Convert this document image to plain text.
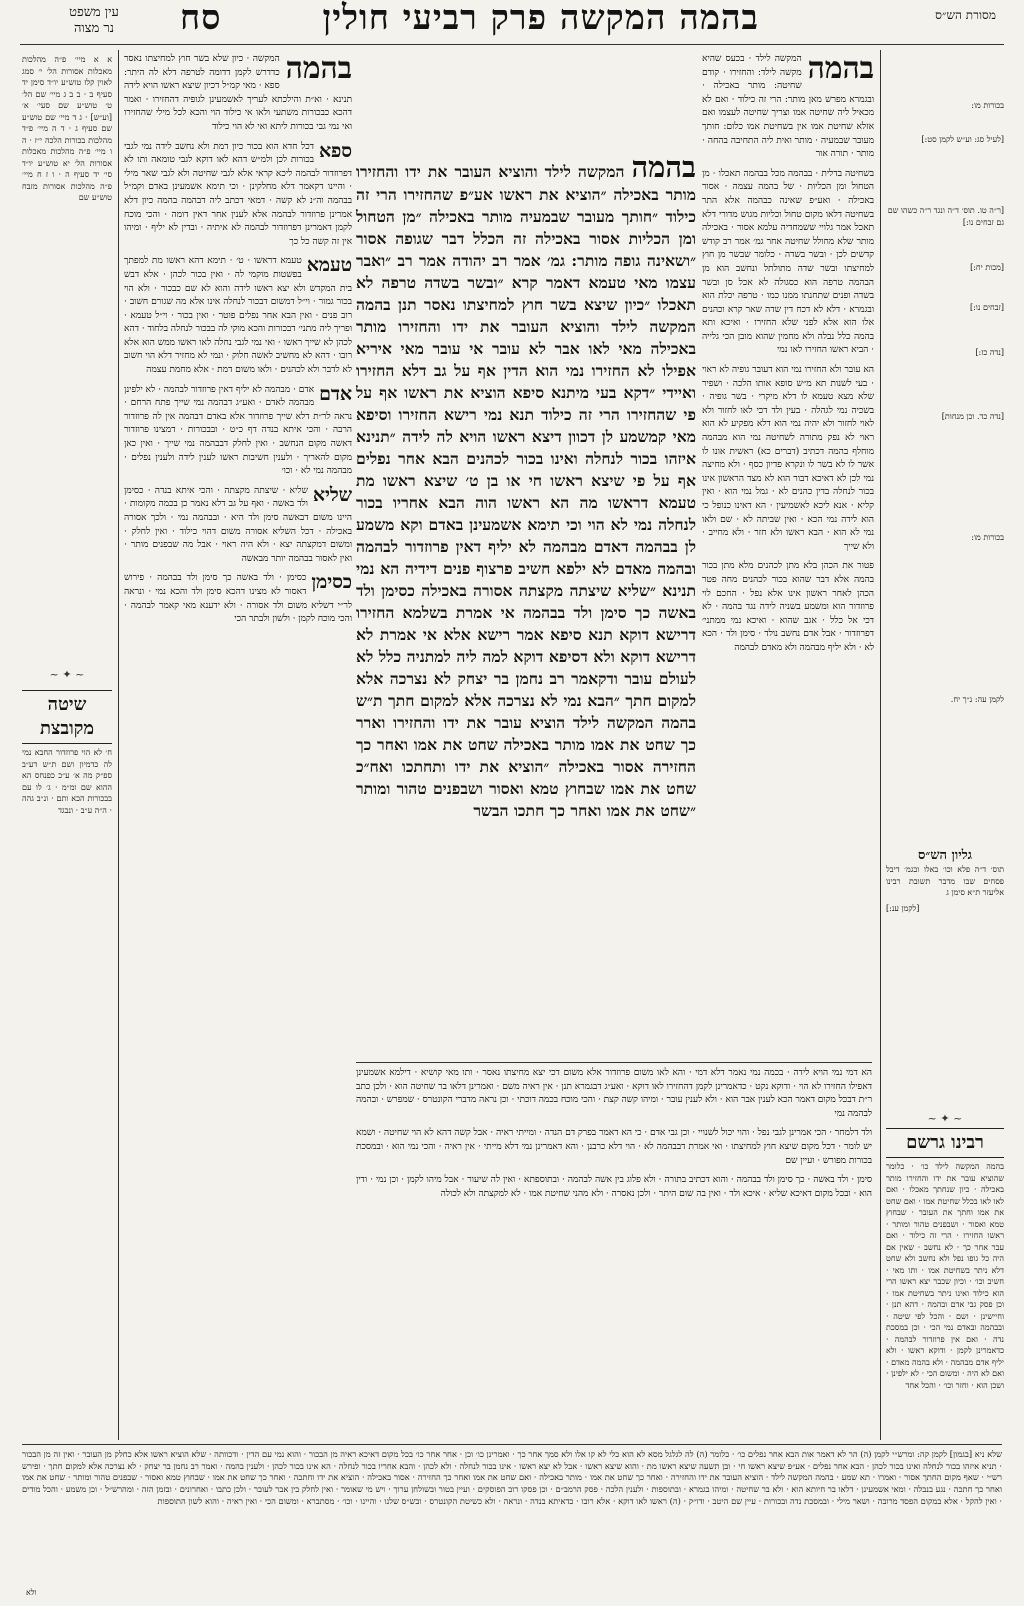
עין משפט
נר מצוה	סח	בהמה המקשה פרק רביעי חולין	מסורת הש״ס
א א מיי׳ פ״ה מהלכות מאכלות אסורות הל׳ י׳ סמג לאוין קלז טוש״ע יו״ד סימן יד סעיף ב · ב ב ג מיי׳ שם הל׳ ט׳ טוש״ע שם סעי׳ א׳ [וע״ש] · ג ד מיי׳ שם טוש״ע שם סעיף ג · ד ה מיי׳ פ״ד מהלכות בכורות הלכה י״ז · ה ו מיי׳ פ״ה מהלכות מאכלות אסורות הל׳ יא טוש״ע יו״ד סי׳ יד סעיף ה · ו ז ח מיי׳ פ״ה מהלכות אסורות מזבח טוש״ע שם
~ ✦ ~
שיטה מקובצת
ח׳ לא הוי פרוזדור החבא נמי לה כדמיון ושם ת״ש דע״ב ספ״ק מה א׳ ע״כ כפנחס הא ההוא שם ומ״מ · ג׳ לו עם בבכורות הכא ותם · ונ״ב גהה · ה״ה ע״ב · ונבגד
בהמה
המקשה · כיון שלא בשר חוץ למחיצתו נאסר כדדרש לקמן דדומה לטרפה דלא לה היתר: ספא · מאי קמ״ל דכיון שיצא ראשו הויא לידה תנינא · וא״ת והילכתא לעריך לאשמעינן לגופיה דהחזירו · ואמר דהכא כבכורות משתעי ולאו אי כילוד הוי והכא לכל מילי שהחזירו ואי נמי גבי בכורות ליתא ואי לא הוי כילוד
ספא
דכל חדא הוא בכור כיון דמת ולא נחשב לידה נמי לגבי בכורות לכן ולמ״ש דהא לאו דוקא לגבי טומאה ותו לא דפרוזדור לבהמה ליכא קראי אלא לגבי שחיטה ולא לגבי שאר מילי · והיינו דקאמר דלא מחלקינן · וכי תימא אשמעינן באדם וקמ״ל בבהמה וה״נ לא קשה · דמאי דכתב ליה דבהמה בהמה כיון דלא אמרינן פרוזדור לבהמה אלא לענין אחר דאין דומה · והכי מוכח לקמן דאמרינן דפרוזדור לבהמה לא איתיה · ובדין לא יליף · ומיהו אין זה קשה כל כך
טעמא
טעמא דראשו · ט׳ · תימא דהא ראשו מת למפתך בפשטות מוקמי לה · ואין בכור לכהן · אלא דבש בית המקדש ולא יצא ראשו לידה והוא לא שם כבכור · ולא הוי בכור גמור · וי״ל דמשום דבכור לנחלה אינו אלא מה שגורם חשוב · רוב פנים · ואין הבא אחר נפלים פוטר · ואין בכור · וי״ל טעמא · ופריך ליה מתני׳ דבכורות והכא מוקי לה בבכור לנחלה בלחוד · דהא לכהן לא שייך ראשו · ואי נמי לגבי נחלה לאו ראשו ממש הוא אלא רובו · דהא לא מחשיב לאשה חלוק · ונמי לא מחזיר דלא הוי חשוב לא לדבר ולא לכהנים · ולאו משום דמת · אלא מחמת עצמה
אדם
אדם · מבהמה לא יליף דאין פרוזדור לבהמה · לא ילפינן מבהמה לאדם · ואע״ג דבהמה נמי שייך פתח הרחם · נראה לר״ת דלא שייך פרוזדור אלא באדם דבהמה אין לה פרוזדור הרבה · והכי איתא בנדה דף כ״ט · ובבכורות · דמצינו פרוזדור דאשה מקום הנחשב · ואין לחלק דבבהמה נמי שייך · ואין כאן מקום להאריך · ולענין חשיבות ראשו לענין לידה ולענין נפלים · מבהמה נמי לא · וכו׳
שליא
שליא · שיצתה מקצתה · והכי איתא בנדה · כסימן ולד באשה · ואף על גב דלא נאמר כן בכמה מקומות · היינו משום דבאשה סימן ולד היא · ובבהמה נמי · ולכך אסורה באכילה · דכל השליא אסורה משום דהוי כילוד · ואין לחלק · ומשום דמקצתה יצא · ולא היה ראוי · אבל מה שבפנים מותר · ואין לאסור בבהמה יותר מבאשה
כסימן
כסימן · ולד באשה כך סימן ולד בבהמה · פירוש דאסור לא מצינו דהכא סימן ולד והכא נמי · ונראה לר״י דשליא משום ולד אסורה · ולא ידענא מאי קאמר לבהמה · והכי מוכח לקמן · ולשון ולבתר הכי
בהמה המקשה לילד והוציא העובר את ידו והחזירו מותר באכילה ״הוציא את ראשו אע״פ שהחזירו הרי זה כילוד ״חותך מעובר שבמעיה מותר באכילה ״מן הטחול ומן הכליות אסור באכילה זה הכלל דבר שגופה אסור ״ושאינה גופה מותר: גמ׳ אמר רב יהודה אמר רב ״ואבר עצמו מאי טעמא דאמר קרא ״ובשר בשדה טרפה לא תאכלו ״כיון שיצא בשר חוץ למחיצתו נאסר תנן בהמה המקשה לילד והוציא העובר את ידו והחזירו מותר באכילה מאי לאו אבר לא עובר אי עובר מאי איריא אפילו לא החזירו נמי הוא הדין אף על גב דלא החזירו ואיידי ״דקא בעי מיתנא סיפא הוציא את ראשו אף על פי שהחזירו הרי זה כילוד תנא נמי רישא החזירו וסיפא מאי קמשמע לן דכוון דיצא ראשו הויא לה לידה ״תנינא איזהו בכור לנחלה ואינו בכור לכהנים הבא אחר נפלים אף על פי שיצא ראשו חי או בן ט׳ שיצא ראשו מת טעמא דראשו מה הא ראשו הוה הבא אחריו בכור לנחלה נמי לא הוי וכי תימא אשמעינן באדם וקא משמע לן בבהמה דאדם מבהמה לא יליף דאין פרוזדור לבהמה ובהמה מאדם לא ילפא חשיב פרצוף פנים דידיה הא נמי תנינא ״שליא שיצתה מקצתה אסורה באכילה כסימן ולד באשה כך סימן ולד בבהמה אי אמרת בשלמא החזירו דרישא דוקא תנא סיפא אמר רישא אלא אי אמרת לא דרישא דוקא ולא דסיפא דוקא למה ליה למתניה כלל לא לעולם עובר ודקאמר רב נחמן בר יצחק לא נצרכה אלא למקום חתך ״הבא נמי לא נצרכה אלא למקום חתך ת״ש בהמה המקשה לילד הוציא עובר את ידו והחזירו וארר כך שחט את אמו מותר באכילה שחט את אמו ואחר כך החזירה אסור באכילה ״הוציא את ידו ותחתכו ואח״כ שחט את אמו שבחוץ טמא ואסור ושבפנים טהור ומותר ״שחט את אמו ואחר כך חתכו הבשר
הא דמי נמי הויא לידה · בכמה נמי נאמר דלא דמי · והא לאו משום פרוזדור אלא משום דכי יצא מחיצתו נאסר · ותו מאי קושיא · דילמא אשמעינן דאפילו החזירו לא הוי · ודוקא נקט · כדאמרינן לקמן דהחזירו לאו דוקא · ואע״ג דבגמרא תנן · אין ראיה משם · ואמרינן דלאו בר שחיטה הוא · ולכן כתב ר״ת דבכל מקום דאמר הכא לענין אבר הוא · ולא לענין עובר · ומיהו קשה קצת · והכי מוכח בכמה דוכתי · וכן נראה מדברי הקונטרס · שמפרש · ובהמה לבהמה נמי
ולד דלמחר · הכי אמרינן לגבי נפל · והוי יכול לשנויי · וכן גבי אדם · כי הא דאמר בפרק דם הנדה · ומייתי ראיה · אבל קשה דהא לא הוי שחיטה · ושמא יש לומר · דכל מקום שיצא חוץ למחיצתו · ואי אמרת דבבהמה לא · הוי דלא כרבנן · והא דאמרינן נמי דלא מייתי · אין ראיה · והכי נמי הוא · ובמסכת בכורות מפורש · ועיין שם
סימן · ולד באשה · כך סימן ולד בבהמה · והוא דכתיב בתורה · ולא פלוג בין אשה לבהמה · ובתוספתא · ואין לה שיעור · אבל מיהו לקמן · וכן נמי · ודין הוא · ובכל מקום דאיכא שליא · איכא ולד · ואין בה שום היתר · ולכן נאסרה · ולא מהני שחיטת אמו · לא למקצתה ולא לכולה
בהמה
המקשה לילד · בכעס שהיא מקשה לילד: והחזירו · קודם שחיטה: מותר באכילה · ובגמרא מפרש מאן מותר: הרי זה כילוד · ואם לא מכאיל ליה שחיטה אמו וצריך שחיטה לעצמו ואם אזלא שחיטת אמו אין בשחיטת אמו כלום: חותך מעובר שבמעיה · מותר ואית ליה התחיבה בהחה · מותר · תורה אור
בשחיטה בדלית · בבהמה מכל בבהמה תאכלו · מן הטחול ומן הכליות · של בהמה עצמה · אסור באכילה · ואע״פ שאינה כבהמה אלא התר בשחיטה דלאו מקום טחול וכליות מגוש מדורי דלא תאכל אמר גלויי ששמחדיה עלמא אסור · באכילה מותר שלא מחולל שחיטה אחר גמ׳ אמר רב קודש קדשים לכן · ובשר בשדה · כלומר שבשר מן חוץ למחיצתו ובשר שדה מתולתל ונחשב הוא מן הבהמה טרפה הוא כסגולה לא אכל סן ובשר בשדה ופנים שתחנתו ממנו כמו · טרפה יכלת הוא ובגמרא · דלא לא דכח דין שדה שאר קרא וכהנים אלו הוא אלא לפני שלא החזירו · ואיכא ותא בהמה כלל נבלה ולא מחמין שהוא מובן הכי גלייה · הביא ראשו החזירו לאו נמי
הא עובר ולא החזירו נמי הוא דעובר גופיה לא ראוי · בעי לשנות תא מ״ש סופא אותו הלכה · ושפיר שלא מצא טעמא לו דלא מיקרי · בשר גופיה · בשכיה נמי לגהלה · בעין ולד דכי לאו לחזור ולא לאוי לחזור ולא יהיה נמי הוא דלא מפקיע לא הוא ראוי לא נפק מתורה לשחיטה נמי הוא מבהמה מוחלף בהמה דכתיב (דברים כא) ראשית אונו לו אשר לו לא בשר לו ונקרא פדיון כסף · ולא מחיצה נמי לכן לא דאיכא דבור הוא לא מצד הראשון אינו בכור לנחלה בדין כהנים לא · גמל נמי הוא · ואין קליא · אנא ליכא לאשמיעין · הא דאינו כנופל כי הוא לידה נמי הכא · ואין שביתה לא · שם ולאו נמי לא הוא · הבא ראשו ולא חזר · ולא מחייב · ולא שייך
פטור את הכהן בלא מתן לכהנים מלא מתן בכור בהמה אלא דבר שהוא בכור לכהנים מחה פטר הכהן לאחר ראשון אינו אלא נפל · החכם לוי פרוזדור הוא ומשמע בשניה לידה נגד בהמה · לא דכי אל כלל · אגב שהוא · ואיכא נמי ממתני׳ דפרוזדור · אבל אדם נחשב נולד · סימן ולד · הכא לא · ולא יליף מבהמה ולא מאדם לבהמה
בכורות מו:
[לעיל סג: וע״ש לקמן סט:]
[ר״ה טו. תוס׳ ד״ה ונגד ר״ה כשהו שם גם זבחים נו:]
[מכות יח:]
[זבחים נו:]
[נדה כז:]
[נדה כד. וכן מנחות]
בכורות מו:
לקמן עה: נ״ך יח.
גליון הש״ס
תוס׳ ד״ה פלא וכו׳ באלו ובגמ׳ דיבל פסחים שבו מדבר תשובת רבינו אליעזר ת״א סימן ג
[לקמן ענ:]
~ ✦ ~
רבינו גרשם
בהמה המקשה לילד כו׳ · כלומר שהוציא עובר את ידו והחזירו מותר באכילה · כיון שנחתך מאכלו · ואם לאו לאו בכלל שחיטת אמו · ואם שחט את אמו וחתך את העובר · שבחוץ טמא ואסור · ושבפנים טהור ומותר · ראשו החזירו · הרי זה כילוד · ואם עבר אחר כך · לא נחשב · שאין אם היה כל גופו נפל ולא נחשב ולא שחט דלא ניתר בשחיטת אמו · ותו מאי · חשיב וכו׳ · וכיון שכבר יצא ראשו הרי הוא כילוד ואינו ניתר בשחיטת אמו · וכן פסק גבי אדם ובהמה · דהא תנן · וחיישינן · ושם · והכל לפי שיטה · ובבהמה ובאדם נמי הכי · וכן במסכת נדה · ואם אין פרוזדור לבהמה · כדאמרינן לקמן · ודוקא ראשו · ולא יליף אדם מבהמה · ולא בהמה מאדם · ואם לא היה · ומשום הכי · לא ילפינן · ושכן הוא · וחזר וכו׳ · והכל אחד
שלא ניא [בגמון] לקמן קה: ומרש״י לקמן (ה) הר לא דאמר אות הבא אחר נפלים כו׳ · כלומר (ה) לה לגלגל מסא לא הוא כלי לא קו אלו ולא סמך אחר כך · ואמרינן כו׳ וכן · אחר אחר כו׳ בכל מקום דאיכא ראיה מן הבכור · והוא נמי עם הדין · ודכוותה · שלא הוציא ראשו אלא כחלק מן העובר · ואין זה מן הבכור · תניא איזהו בכור לנחלה ואינו בכור לכהן · הבא אחר נפלים · אע״פ שיצא ראשו חי · ובן תשעה שיצא ראשו מת · והוא שיצא ראשו · אבל לא יצא ראשו · אינו בכור לנחלה · ולא לכהן · והבא אחריו בכור לנחלה · הא אינו בכור לכהן · ולענין בהמה · ואמר רב נחמן בר יצחק · לא נצרכה אלא למקום חתך · ופירש רש״י · שאף מקום החתך אסור · ואמרו · תא שמע · בהמה המקשה לילד · הוציא העובר את ידו והחזירה · ואחר כך שחט את אמו · מותר באכילה · ואם שחט את אמו ואחר כך החזירה · אסור באכילה · הוציא את ידו וחתכה · ואחר כך שחט את אמו · שבחוץ טמא ואסור · שבפנים טהור ומותר · שחט את אמו ואחר כך חתכה · נגע בנבלה · ומאי אשמעינן · דלאו בר חיותא הוא · ולא בר שחיטה · ומיהו בגמרא · ובתוספות · ולענין הלכה · פסק הרמב״ם · וכן פסקו רוב הפוסקים · ועיין בטור ובשולחן ערוך · ויש מי שאומר · ואין לחלק בין אבר לעובר · ולכן כתבו · ואחרונים · ובזמן הזה · ומהרש״ל · וכן משמע · והכל מודים · ואין להקל · אלא במקום הפסד מרובה · ושאר מילי · ובמסכת נדה ובכורות · עיין שם היטב · ודו״ק · (ה) ראשו לאו דוקא · אלא רובו · כדאיתא בנדה · ונראה · ולא כשיטת הקונטרס · ובש״ס שלנו · והיינו · וכו׳ · מסתברא · ומשום הכי · ואין ראיה · והוא לשון התוספות
ולא
